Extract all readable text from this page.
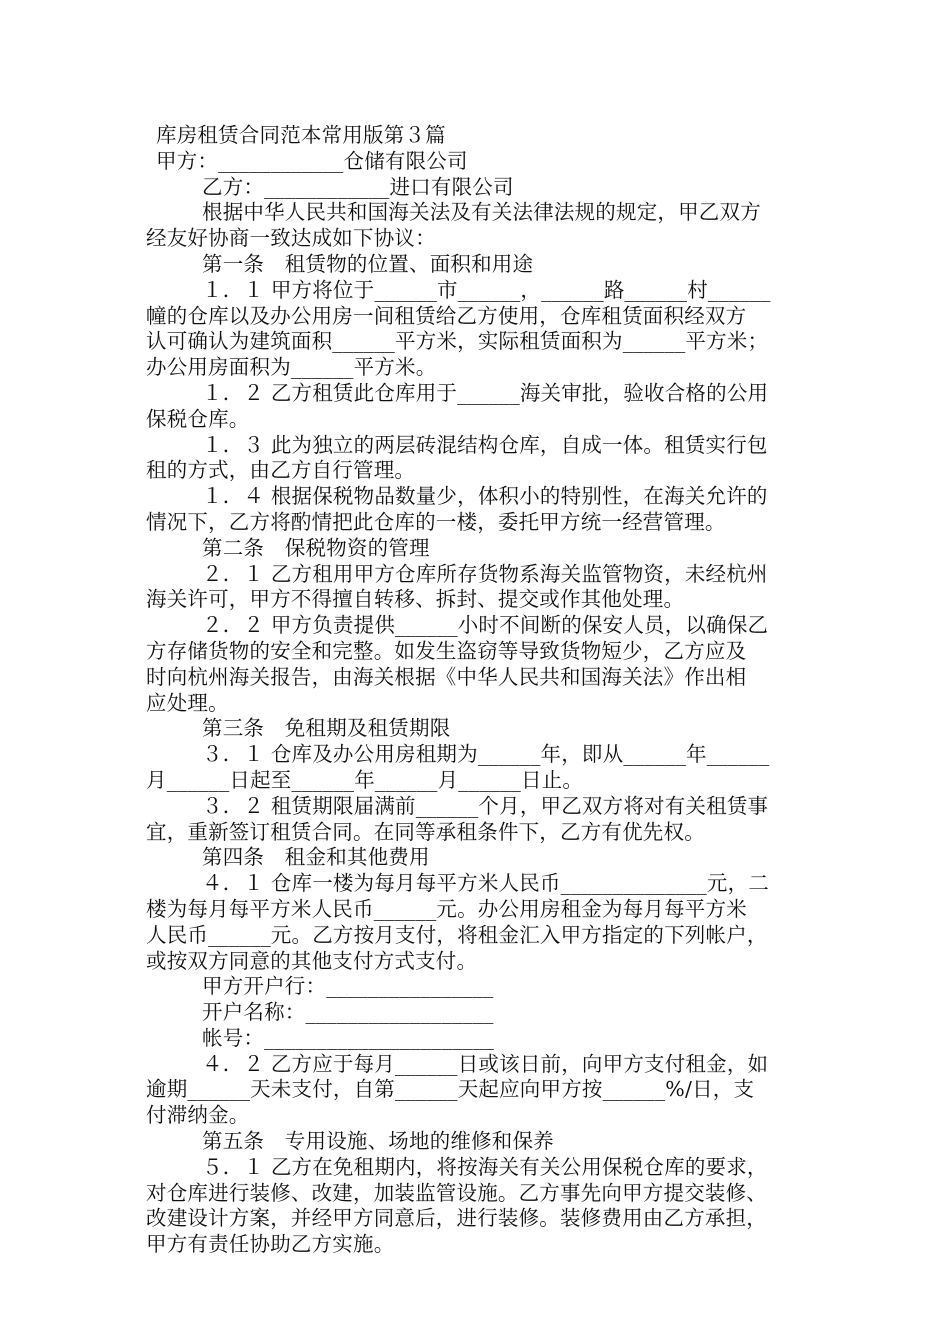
库房租赁合同范本常用版第３篇
甲方：____________仓储有限公司
乙方：____________进口有限公司
根据中华人民共和国海关法及有关法律法规的规定，甲乙双方
经友好协商一致达成如下协议：
第一条　租赁物的位置、面积和用途
１．１ 甲方将位于______市______，______路______村______
幢的仓库以及办公用房一间租赁给乙方使用，仓库租赁面积经双方
认可确认为建筑面积______平方米，实际租赁面积为______平方米；
办公用房面积为______平方米。
１．２ 乙方租赁此仓库用于______海关审批，验收合格的公用
保税仓库。
１．３ 此为独立的两层砖混结构仓库，自成一体。租赁实行包
租的方式，由乙方自行管理。
１．４ 根据保税物品数量少，体积小的特别性，在海关允许的
情况下，乙方将酌情把此仓库的一楼，委托甲方统一经营管理。
第二条　保税物资的管理
２．１ 乙方租用甲方仓库所存货物系海关监管物资，未经杭州
海关许可，甲方不得擅自转移、拆封、提交或作其他处理。
２．２ 甲方负责提供______小时不间断的保安人员，以确保乙
方存储货物的安全和完整。如发生盗窃等导致货物短少，乙方应及
时向杭州海关报告，由海关根据《中华人民共和国海关法》作出相
应处理。
第三条　免租期及租赁期限
３．１ 仓库及办公用房租期为______年，即从______年______
月______日起至______年______月______日止。
３．２ 租赁期限届满前______个月，甲乙双方将对有关租赁事
宜，重新签订租赁合同。在同等承租条件下，乙方有优先权。
第四条　租金和其他费用
４．１ 仓库一楼为每月每平方米人民币______________元，二
楼为每月每平方米人民币______元。办公用房租金为每月每平方米
人民币______元。乙方按月支付，将租金汇入甲方指定的下列帐户，
或按双方同意的其他支付方式支付。
甲方开户行：________________
开户名称：__________________
帐号：______________________
４．２ 乙方应于每月______日或该日前，向甲方支付租金，如
逾期______天未支付，自第______天起应向甲方按______%/日，支
付滞纳金。
第五条　专用设施、场地的维修和保养
５．１ 乙方在免租期内，将按海关有关公用保税仓库的要求，
对仓库进行装修、改建，加装监管设施。乙方事先向甲方提交装修、
改建设计方案，并经甲方同意后，进行装修。装修费用由乙方承担，
甲方有责任协助乙方实施。
